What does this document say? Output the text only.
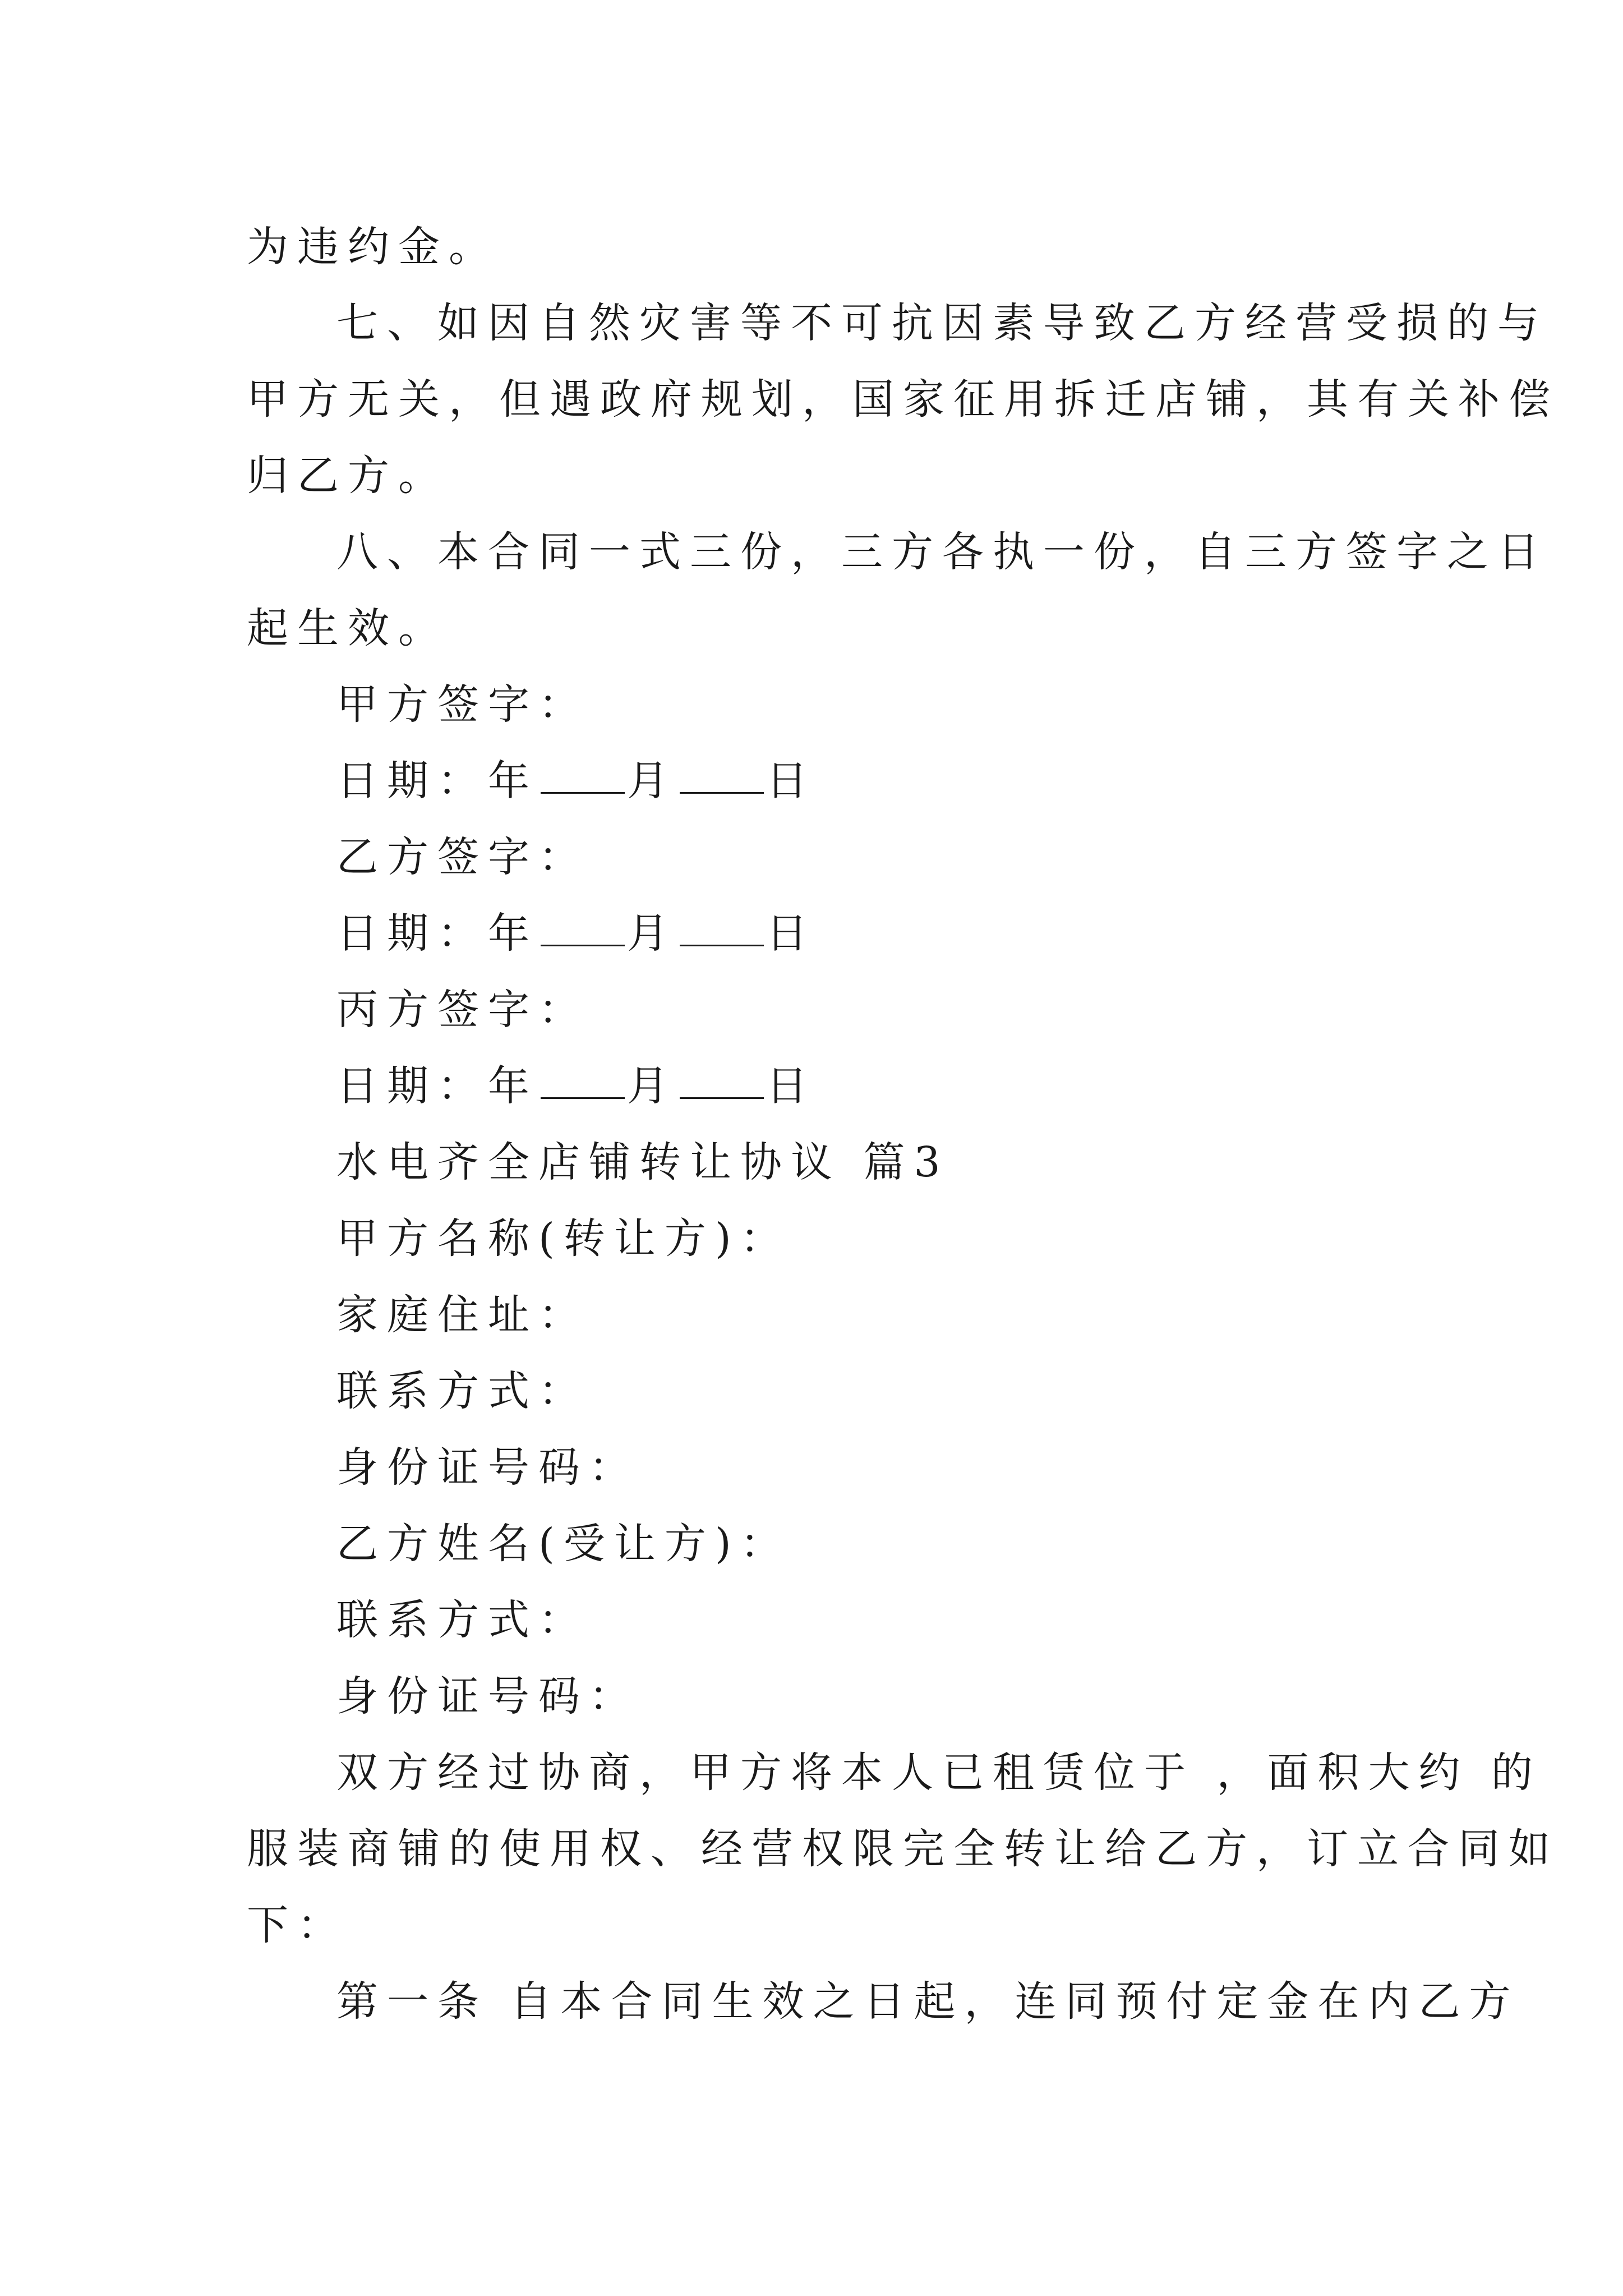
为违约金。
七、如因自然灾害等不可抗因素导致乙方经营受损的与
甲方无关，但遇政府规划，国家征用拆迁店铺，其有关补偿
归乙方。
八、本合同一式三份，三方各执一份，自三方签字之日
起生效。
甲方签字：
日期：年 月 日
乙方签字：
日期：年 月 日
丙方签字：
日期：年 月 日
水电齐全店铺转让协议 篇3
甲方名称(转让方)：
家庭住址：
联系方式：
身份证号码：
乙方姓名(受让方)：
联系方式：
身份证号码：
双方经过协商，甲方将本人已租赁位于 ，面积大约 的
服装商铺的使用权、经营权限完全转让给乙方，订立合同如
下：
第一条 自本合同生效之日起，连同预付定金在内乙方
